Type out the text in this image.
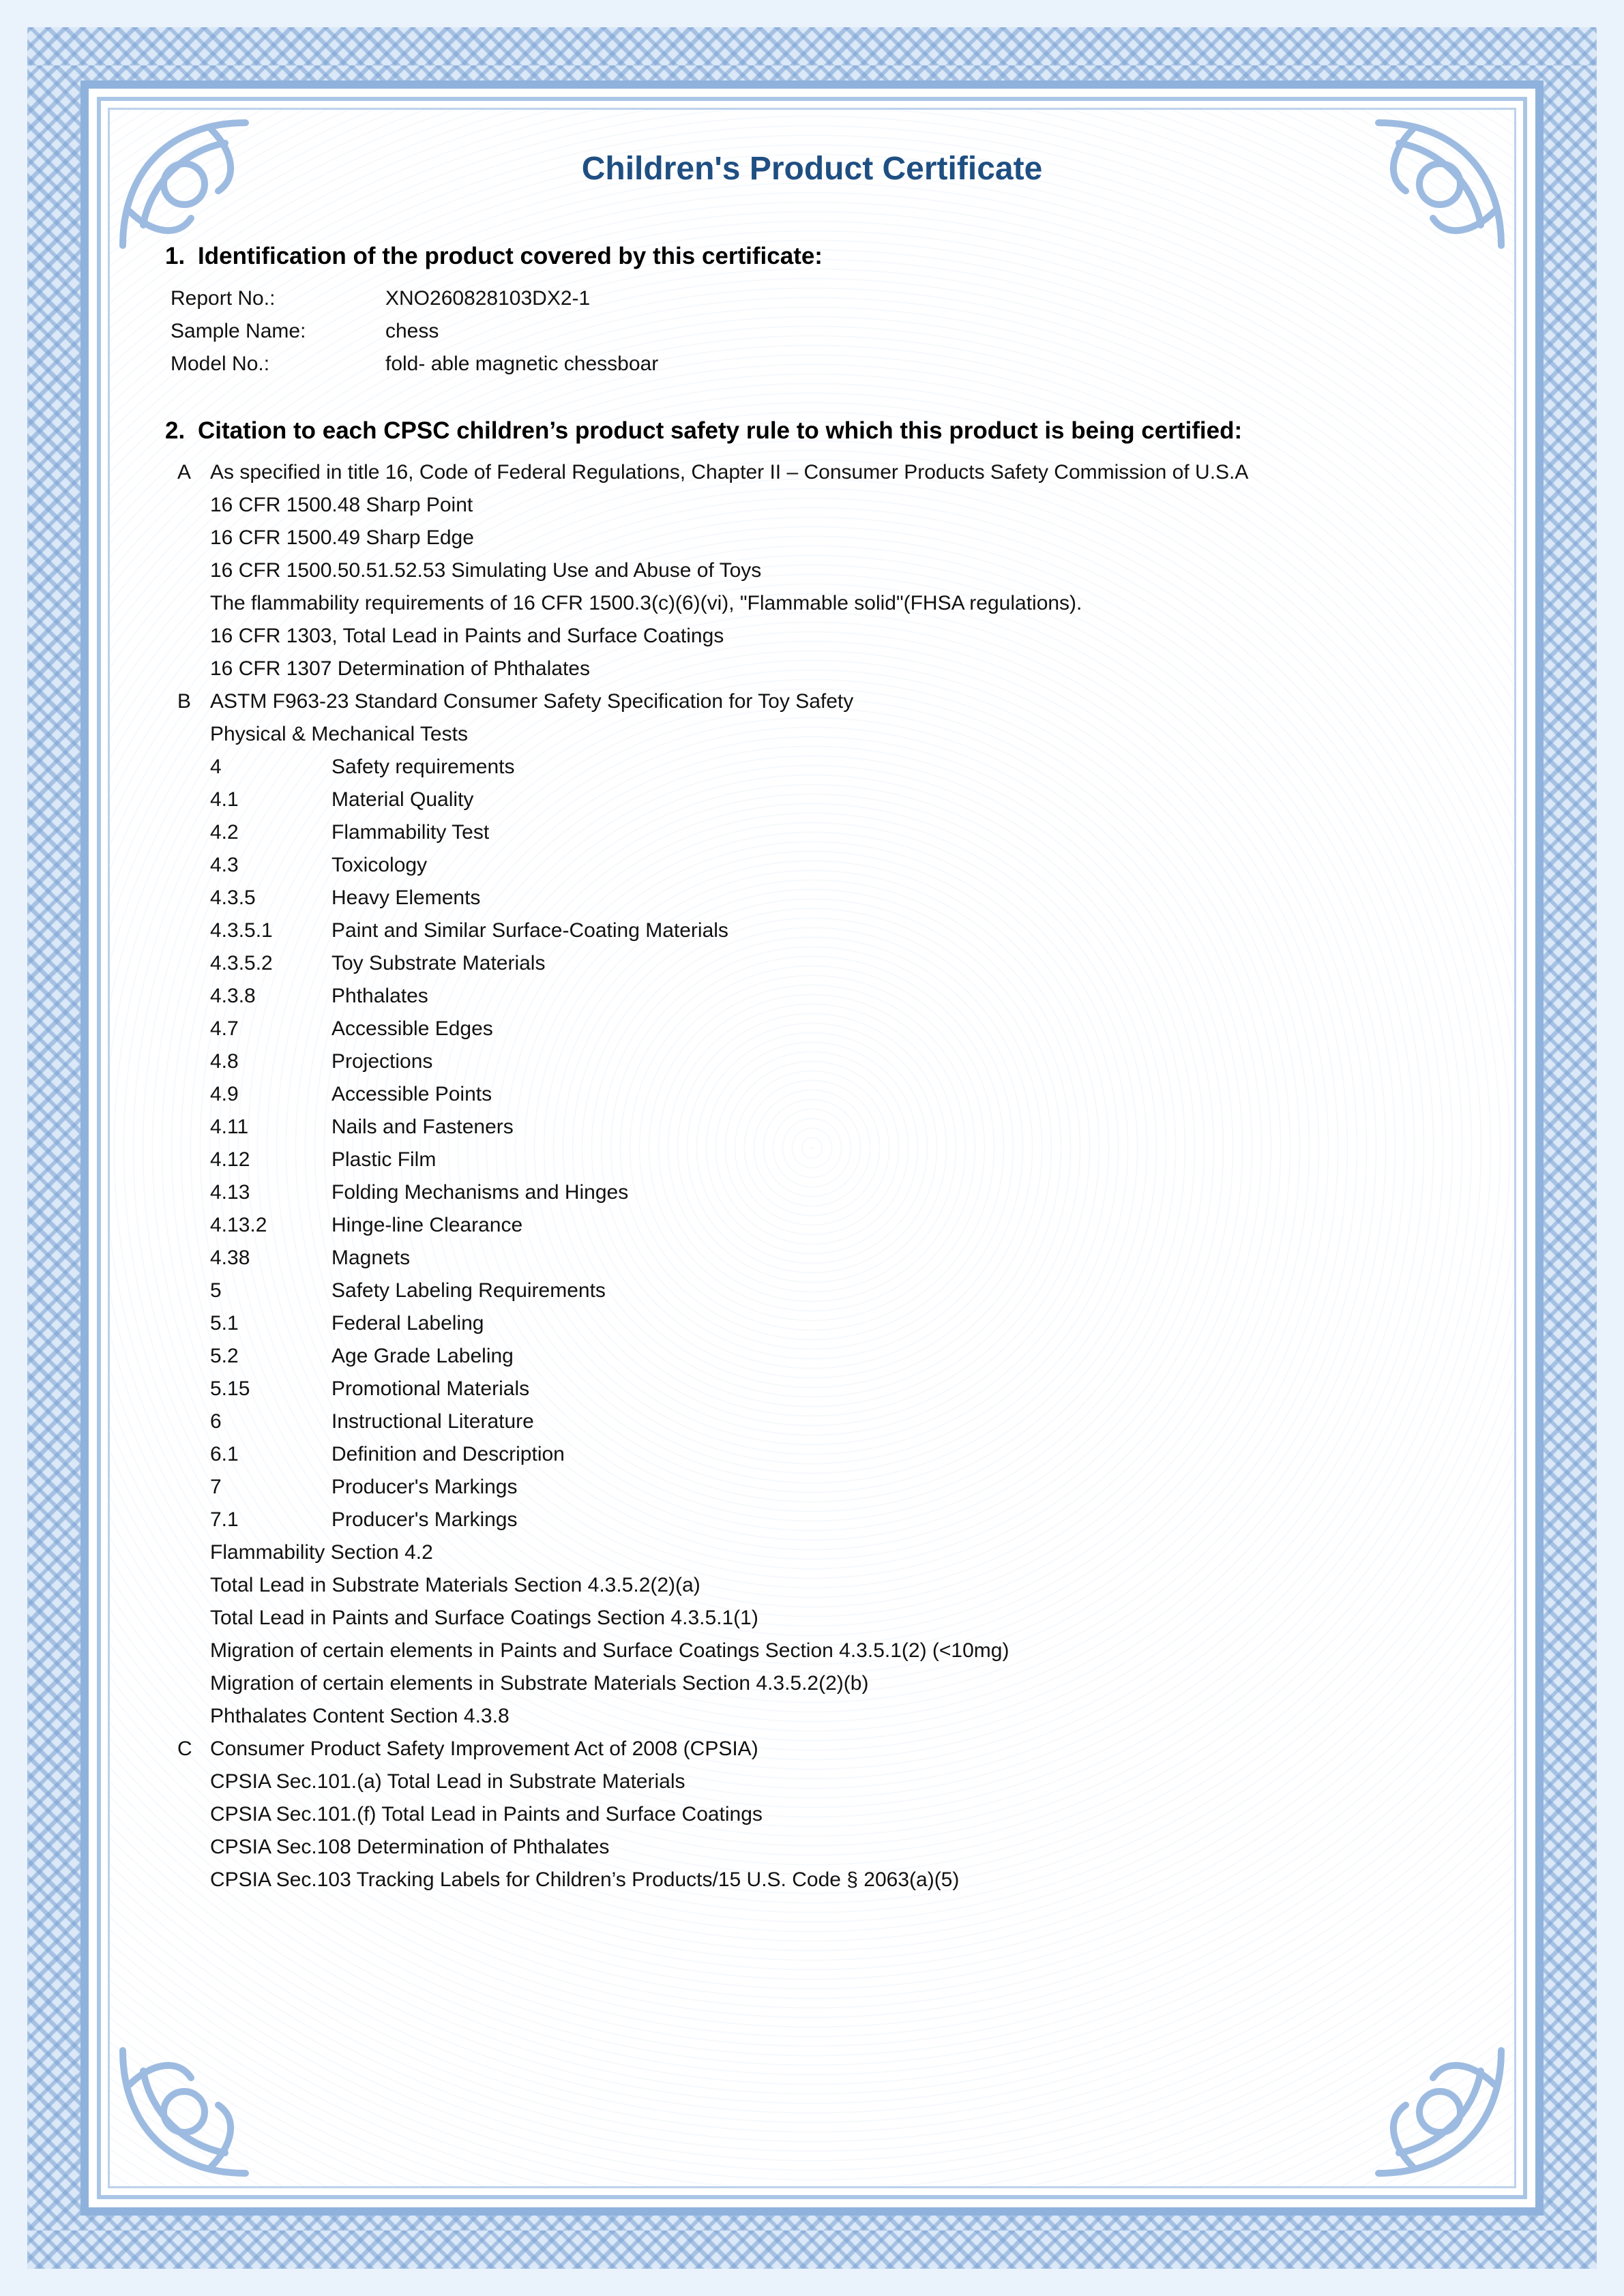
Children's Product Certificate
1. Identification of the product covered by this certificate:
Report No.:	XNO260828103DX2-1
Sample Name:	chess
Model No.:	fold- able magnetic chessboar
2. Citation to each CPSC children’s product safety rule to which this product is being certified:
A As specified in title 16, Code of Federal Regulations, Chapter II – Consumer Products Safety Commission of U.S.A
16 CFR 1500.48 Sharp Point
16 CFR 1500.49 Sharp Edge
16 CFR 1500.50.51.52.53 Simulating Use and Abuse of Toys
The flammability requirements of 16 CFR 1500.3(c)(6)(vi), "Flammable solid"(FHSA regulations).
16 CFR 1303, Total Lead in Paints and Surface Coatings
16 CFR 1307 Determination of Phthalates
B ASTM F963-23 Standard Consumer Safety Specification for Toy Safety
Physical & Mechanical Tests
4	Safety requirements
4.1	Material Quality
4.2	Flammability Test
4.3	Toxicology
4.3.5	Heavy Elements
4.3.5.1	Paint and Similar Surface-Coating Materials
4.3.5.2	Toy Substrate Materials
4.3.8	Phthalates
4.7	Accessible Edges
4.8	Projections
4.9	Accessible Points
4.11	Nails and Fasteners
4.12	Plastic Film
4.13	Folding Mechanisms and Hinges
4.13.2	Hinge-line Clearance
4.38	Magnets
5	Safety Labeling Requirements
5.1	Federal Labeling
5.2	Age Grade Labeling
5.15	Promotional Materials
6	Instructional Literature
6.1	Definition and Description
7	Producer's Markings
7.1	Producer's Markings
Flammability Section 4.2
Total Lead in Substrate Materials Section 4.3.5.2(2)(a)
Total Lead in Paints and Surface Coatings Section 4.3.5.1(1)
Migration of certain elements in Paints and Surface Coatings Section 4.3.5.1(2) (<10mg)
Migration of certain elements in Substrate Materials Section 4.3.5.2(2)(b)
Phthalates Content Section 4.3.8
C Consumer Product Safety Improvement Act of 2008 (CPSIA)
CPSIA Sec.101.(a) Total Lead in Substrate Materials
CPSIA Sec.101.(f) Total Lead in Paints and Surface Coatings
CPSIA Sec.108 Determination of Phthalates
CPSIA Sec.103 Tracking Labels for Children’s Products/15 U.S. Code § 2063(a)(5)
